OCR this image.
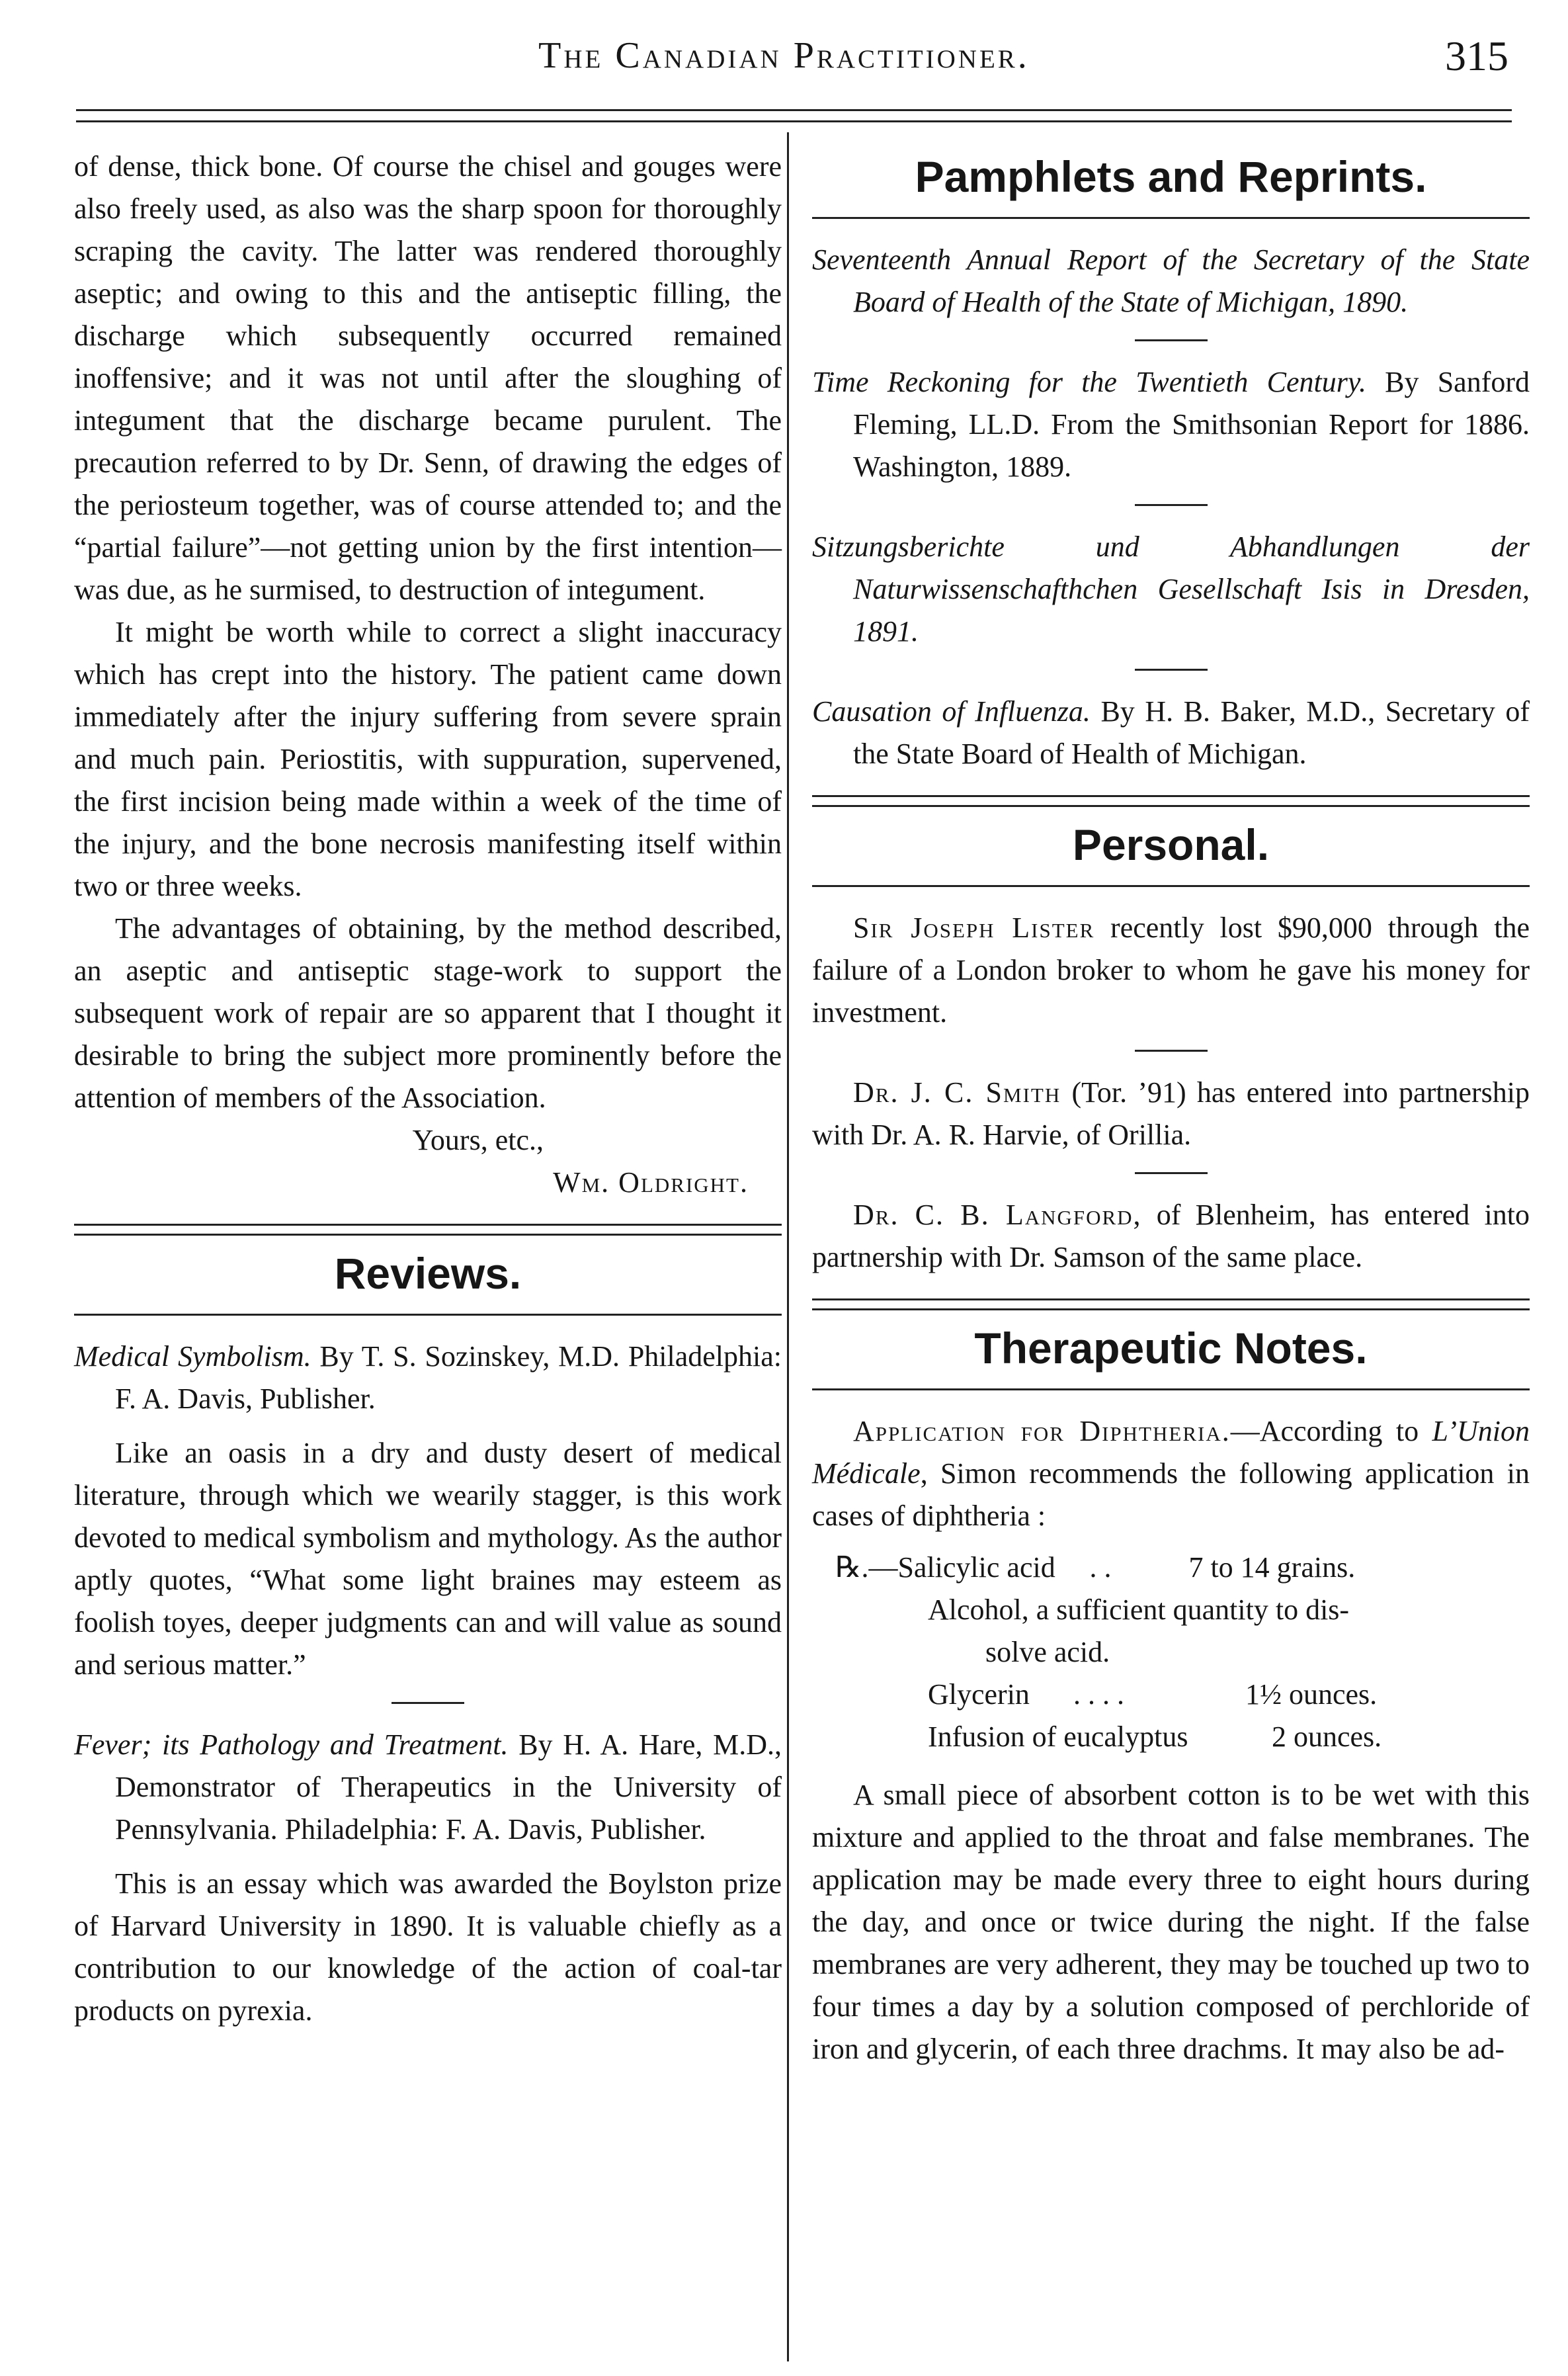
The Canadian Practitioner.	315

of dense, thick bone. Of course the chisel and gouges were also freely used, as also was the sharp spoon for thoroughly scraping the cavity. The latter was rendered thoroughly aseptic; and owing to this and the antiseptic filling, the discharge which subsequently occurred remained inoffensive; and it was not until after the sloughing of integument that the discharge became purulent. The precaution referred to by Dr. Senn, of drawing the edges of the periosteum together, was of course attended to; and the “partial failure”—not getting union by the first intention—was due, as he surmised, to destruction of integument.

It might be worth while to correct a slight inaccuracy which has crept into the history. The patient came down immediately after the injury suffering from severe sprain and much pain. Periostitis, with suppuration, supervened, the first incision being made within a week of the time of the injury, and the bone necrosis manifesting itself within two or three weeks.

The advantages of obtaining, by the method described, an aseptic and antiseptic stage-work to support the subsequent work of repair are so apparent that I thought it desirable to bring the subject more prominently before the attention of members of the Association.

Yours, etc.,

Wm. Oldright.

Reviews.
Medical Symbolism. By T. S. Sozinskey, M.D. Philadelphia: F. A. Davis, Publisher.

Like an oasis in a dry and dusty desert of medical literature, through which we wearily stagger, is this work devoted to medical symbolism and mythology. As the author aptly quotes, “What some light braines may esteem as foolish toyes, deeper judgments can and will value as sound and serious matter.”

Fever; its Pathology and Treatment. By H. A. Hare, M.D., Demonstrator of Therapeutics in the University of Pennsylvania. Philadelphia: F. A. Davis, Publisher.

This is an essay which was awarded the Boylston prize of Harvard University in 1890. It is valuable chiefly as a contribution to our knowledge of the action of coal-tar products on pyrexia.

Pamphlets and Reprints.
Seventeenth Annual Report of the Secretary of the State Board of Health of the State of Michigan, 1890.
Time Reckoning for the Twentieth Century. By Sanford Fleming, LL.D. From the Smithsonian Report for 1886. Washington, 1889.
Sitzungsberichte und Abhandlungen der Naturwissenschafthchen Gesellschaft Isis in Dresden, 1891.
Causation of Influenza. By H. B. Baker, M.D., Secretary of the State Board of Health of Michigan.
Personal.

Sir Joseph Lister recently lost $90,000 through the failure of a London broker to whom he gave his money for investment.

Dr. J. C. Smith (Tor. ’91) has entered into partnership with Dr. A. R. Harvie, of Orillia.

Dr. C. B. Langford, of Blenheim, has entered into partnership with Dr. Samson of the same place.

Therapeutic Notes.

Application for Diphtheria.—According to L’Union Médicale, Simon recommends the following application in cases of diphtheria :

℞.— Salicylic acid	. .	7 to 14 grains.
Alcohol, a sufficient quantity to dis-
solve acid.
Glycerin	. . . .	1½ ounces.
Infusion of eucalyptus	2 ounces.

A small piece of absorbent cotton is to be wet with this mixture and applied to the throat and false membranes. The application may be made every three to eight hours during the day, and once or twice during the night. If the false membranes are very adherent, they may be touched up two to four times a day by a solution composed of perchloride of iron and glycerin, of each three drachms. It may also be ad-
